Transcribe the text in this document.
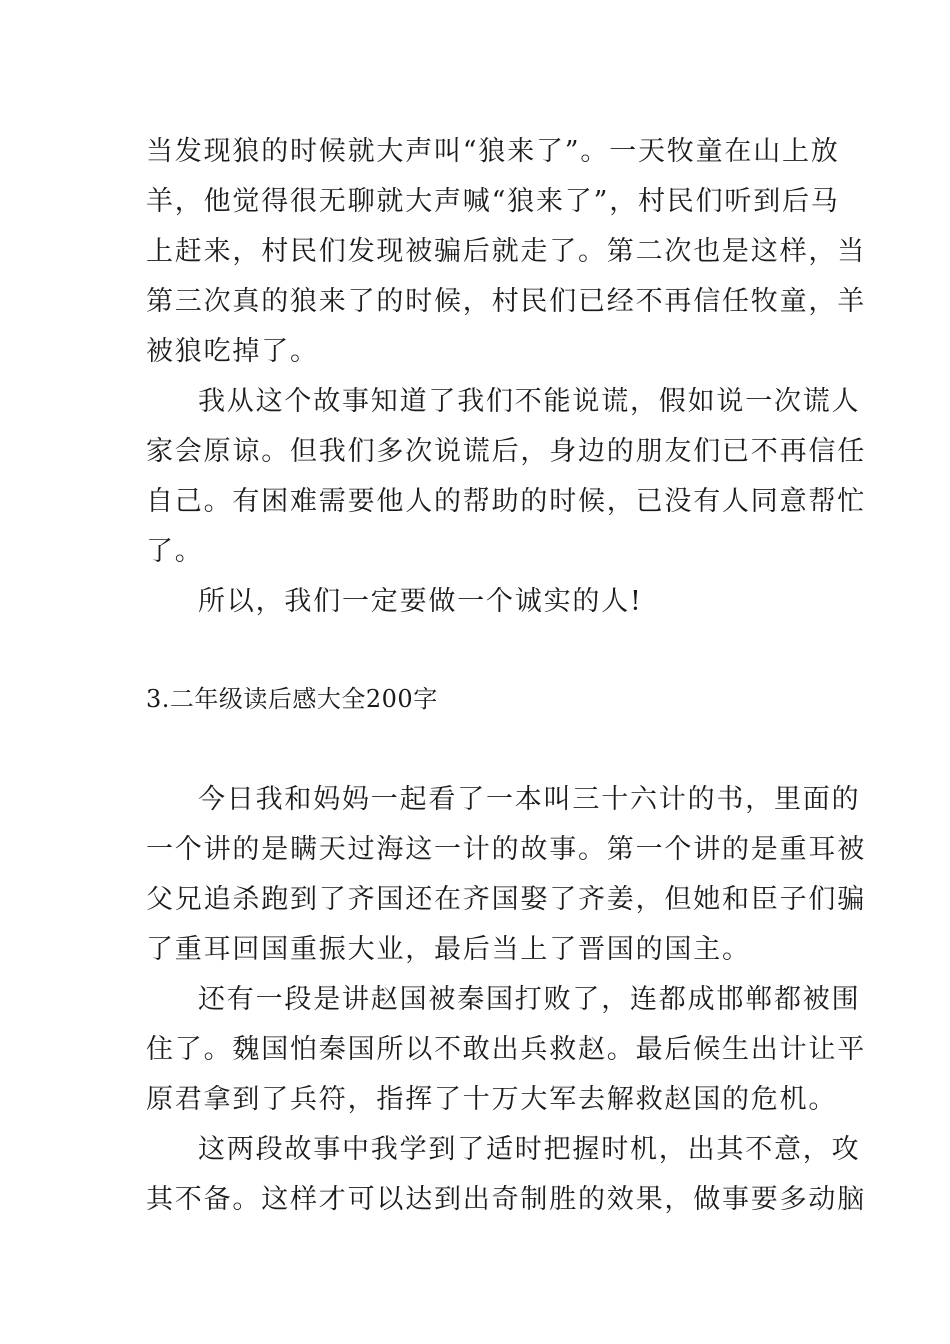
当发现狼的时候就大声叫“狼来了”。一天牧童在山上放
羊，他觉得很无聊就大声喊“狼来了”，村民们听到后马
上赶来，村民们发现被骗后就走了。第二次也是这样，当
第三次真的狼来了的时候，村民们已经不再信任牧童，羊
被狼吃掉了。
我从这个故事知道了我们不能说谎，假如说一次谎人
家会原谅。但我们多次说谎后，身边的朋友们已不再信任
自己。有困难需要他人的帮助的时候，已没有人同意帮忙
了。
所以，我们一定要做一个诚实的人!
3.二年级读后感大全200字
今日我和妈妈一起看了一本叫三十六计的书，里面的
一个讲的是瞒天过海这一计的故事。第一个讲的是重耳被
父兄追杀跑到了齐国还在齐国娶了齐姜，但她和臣子们骗
了重耳回国重振大业，最后当上了晋国的国主。
还有一段是讲赵国被秦国打败了，连都成邯郸都被围
住了。魏国怕秦国所以不敢出兵救赵。最后候生出计让平
原君拿到了兵符，指挥了十万大军去解救赵国的危机。
这两段故事中我学到了适时把握时机，出其不意，攻
其不备。这样才可以达到出奇制胜的效果，做事要多动脑
